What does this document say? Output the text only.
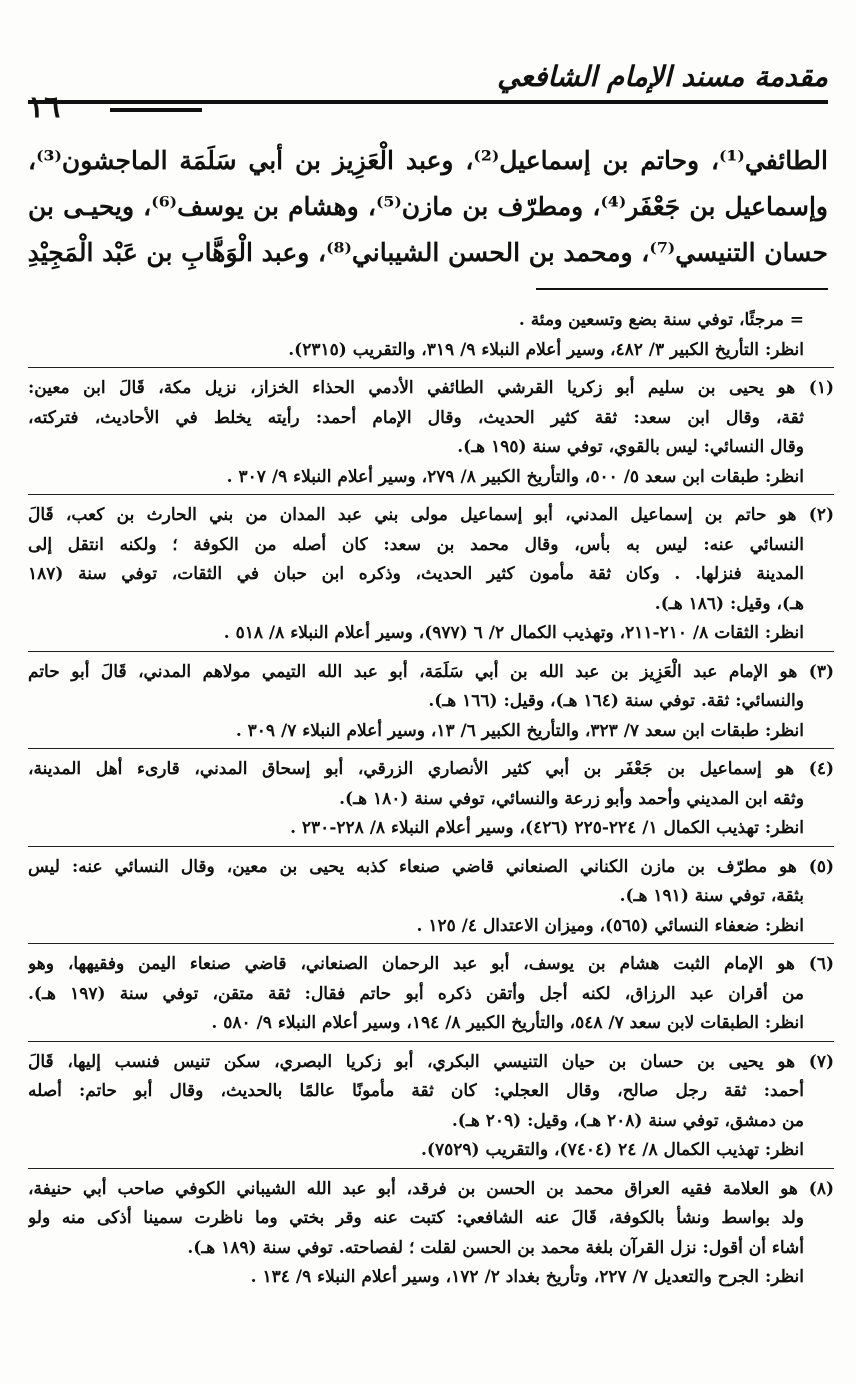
مقدمة مسند الإمام الشافعي
١٦
الطائفي⁽¹⁾، وحاتم بن إسماعيل⁽²⁾، وعبد الْعَزِيز بن أبي سَلَمَة الماجشون⁽³⁾،
وإسماعيل بن جَعْفَر⁽⁴⁾، ومطرّف بن مازن⁽⁵⁾، وهشام بن يوسف⁽⁶⁾، ويحيـى بن
حسان التنيسي⁽⁷⁾، ومحمد بن الحسن الشيباني⁽⁸⁾، وعبد الْوَهَّابِ بن عَبْد الْمَجِيْدِ
= مرجئًا، توفي سنة بضع وتسعين ومئة .
انظر: التأريخ الكبير ٣/ ٤٨٢، وسير أعلام النبلاء ٩/ ٣١٩، والتقريب (٢٣١٥).
(١) هو يحيى بن سليم أبو زكريا القرشي الطائفي الأدمي الحذاء الخزاز، نزيل مكة، قَالَ ابن معين:
ثقة، وقال ابن سعد: ثقة كثير الحديث، وقال الإمام أحمد: رأيته يخلط في الأحاديث، فتركته،
وقال النسائي: ليس بالقوي، توفي سنة (١٩٥ هـ).
انظر: طبقات ابن سعد ٥/ ٥٠٠، والتأريخ الكبير ٨/ ٢٧٩، وسير أعلام النبلاء ٩/ ٣٠٧ .
(٢) هو حاتم بن إسماعيل المدني، أبو إسماعيل مولى بني عبد المدان من بني الحارث بن كعب، قَالَ
النسائي عنه: ليس به بأس، وقال محمد بن سعد: كان أصله من الكوفة ؛ ولكنه انتقل إلى
المدينة فنزلها. . وكان ثقة مأمون كثير الحديث، وذكره ابن حبان في الثقات، توفي سنة (١٨٧
هـ)، وقيل: (١٨٦ هـ).
انظر: الثقات ٨/ ٢١٠-٢١١، وتهذيب الكمال ٢/ ٦ (٩٧٧)، وسير أعلام النبلاء ٨/ ٥١٨ .
(٣) هو الإمام عبد الْعَزِيز بن عبد الله بن أبي سَلَمَة، أبو عبد الله التيمي مولاهم المدني، قَالَ أبو حاتم
والنسائي: ثقة. توفي سنة (١٦٤ هـ)، وقيل: (١٦٦ هـ).
انظر: طبقات ابن سعد ٧/ ٣٢٣، والتأريخ الكبير ٦/ ١٣، وسير أعلام النبلاء ٧/ ٣٠٩ .
(٤) هو إسماعيل بن جَعْفَر بن أبي كثير الأنصاري الزرقي، أبو إسحاق المدني، قارىء أهل المدينة،
وثقه ابن المديني وأحمد وأبو زرعة والنسائي، توفي سنة (١٨٠ هـ).
انظر: تهذيب الكمال ١/ ٢٢٤-٢٢٥ (٤٢٦)، وسير أعلام النبلاء ٨/ ٢٢٨-٢٣٠ .
(٥) هو مطرّف بن مازن الكناني الصنعاني قاضي صنعاء كذبه يحيى بن معين، وقال النسائي عنه: ليس
بثقة، توفي سنة (١٩١ هـ).
انظر: ضعفاء النسائي (٥٦٥)، وميزان الاعتدال ٤/ ١٢٥ .
(٦) هو الإمام الثبت هشام بن يوسف، أبو عبد الرحمان الصنعاني، قاضي صنعاء اليمن وفقيهها، وهو
من أقران عبد الرزاق، لكنه أجل وأتقن ذكره أبو حاتم فقال: ثقة متقن، توفي سنة (١٩٧ هـ).
انظر: الطبقات لابن سعد ٧/ ٥٤٨، والتأريخ الكبير ٨/ ١٩٤، وسير أعلام النبلاء ٩/ ٥٨٠ .
(٧) هو يحيى بن حسان بن حيان التنيسي البكري، أبو زكريا البصري، سكن تنيس فنسب إليها، قَالَ
أحمد: ثقة رجل صالح، وقال العجلي: كان ثقة مأمونًا عالمًا بالحديث، وقال أبو حاتم: أصله
من دمشق، توفي سنة (٢٠٨ هـ)، وقيل: (٢٠٩ هـ).
انظر: تهذيب الكمال ٨/ ٢٤ (٧٤٠٤)، والتقريب (٧٥٢٩).
(٨) هو العلامة فقيه العراق محمد بن الحسن بن فرقد، أبو عبد الله الشيباني الكوفي صاحب أبي حنيفة،
ولد بواسط ونشأ بالكوفة، قَالَ عنه الشافعي: كتبت عنه وقر بختي وما ناظرت سمينا أذكى منه ولو
أشاء أن أقول: نزل القرآن بلغة محمد بن الحسن لقلت ؛ لفصاحته. توفي سنة (١٨٩ هـ).
انظر: الجرح والتعديل ٧/ ٢٢٧، وتأريخ بغداد ٢/ ١٧٢، وسير أعلام النبلاء ٩/ ١٣٤ .
